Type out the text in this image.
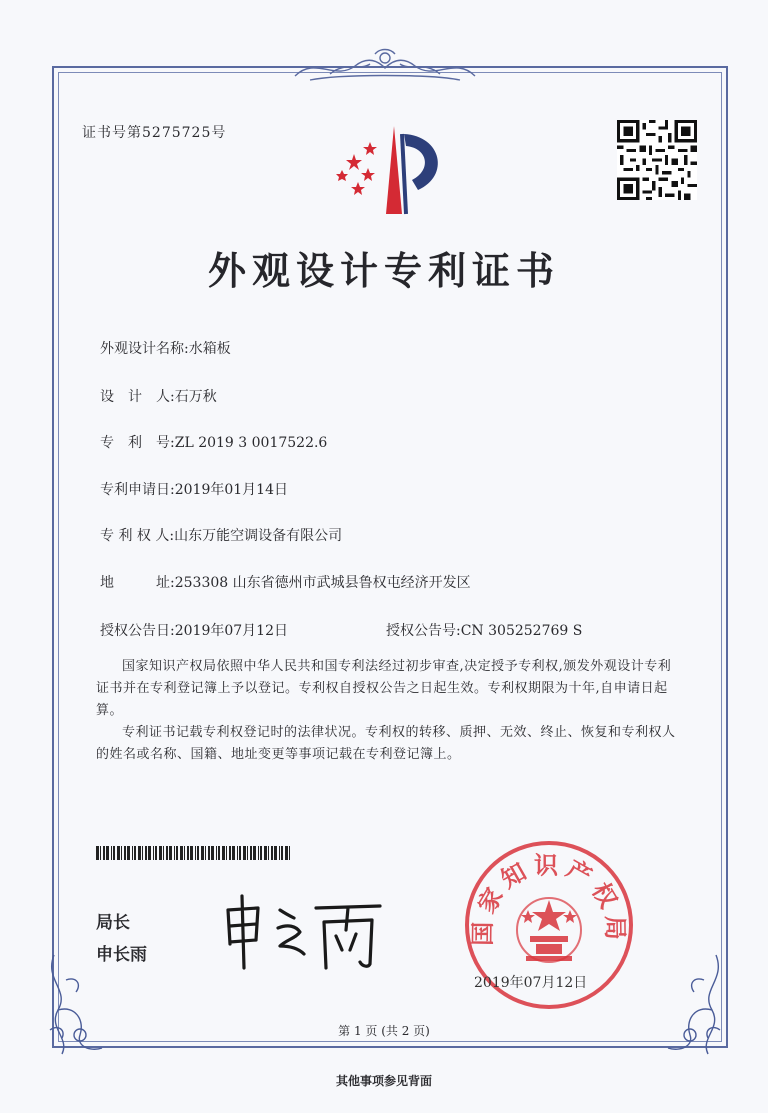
证书号第5275725号
外观设计专利证书
外观设计名称:水箱板
设　计　人:石万秋
专　利　号:ZL 2019 3 0017522.6
专利申请日:2019年01月14日
专 利 权 人:山东万能空调设备有限公司
地　　　址:253308 山东省德州市武城县鲁权屯经济开发区
授权公告日:2019年07月12日	授权公告号:CN 305252769 S

国家知识产权局依照中华人民共和国专利法经过初步审查,决定授予专利权,颁发外观设计专利证书并在专利登记簿上予以登记。专利权自授权公告之日起生效。专利权期限为十年,自申请日起算。

专利证书记载专利权登记时的法律状况。专利权的转移、质押、无效、终止、恢复和专利权人的姓名或名称、国籍、地址变更等事项记载在专利登记簿上。

局长
申长雨
国家知识产权局
2019年07月12日
第 1 页 (共 2 页)
其他事项参见背面
